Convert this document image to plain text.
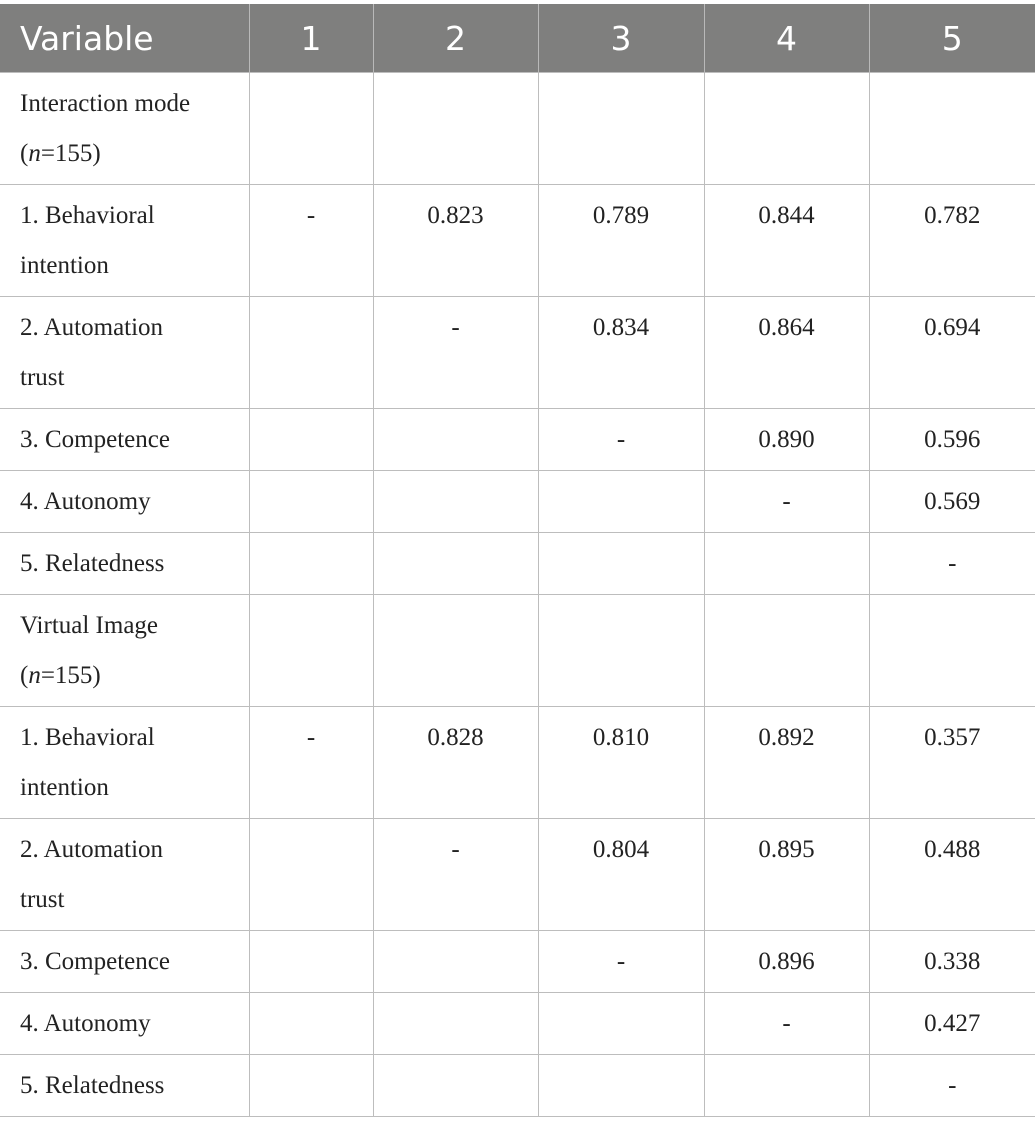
Variable	1	2	3	4	5
Interaction mode
(n=155)					
1. Behavioral
intention	-	0.823	0.789	0.844	0.782
2. Automation
trust		-	0.834	0.864	0.694
3. Competence			-	0.890	0.596
4. Autonomy				-	0.569
5. Relatedness					-
Virtual Image
(n=155)					
1. Behavioral
intention	-	0.828	0.810	0.892	0.357
2. Automation
trust		-	0.804	0.895	0.488
3. Competence			-	0.896	0.338
4. Autonomy				-	0.427
5. Relatedness					-
